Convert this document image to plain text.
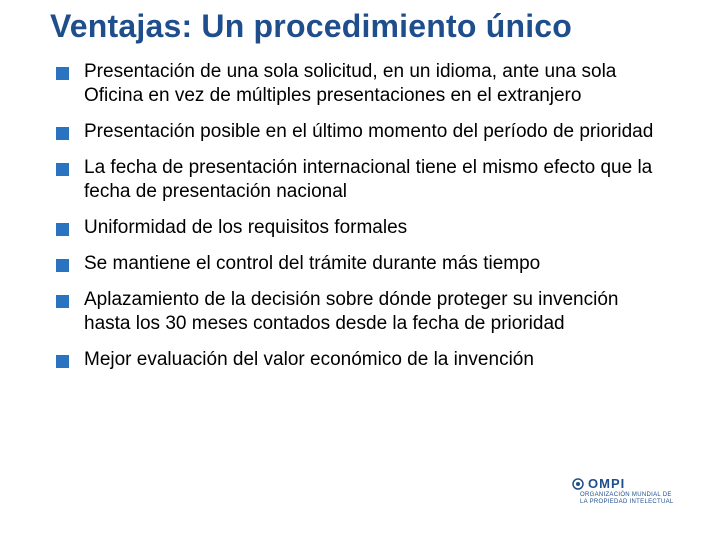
Ventajas: Un procedimiento único
Presentación de una sola solicitud, en un idioma, ante una sola Oficina en vez de múltiples presentaciones en el extranjero
Presentación posible en el último momento del período de prioridad
La fecha de presentación internacional tiene el mismo efecto que la fecha de presentación nacional
Uniformidad de los requisitos formales
Se mantiene el control del trámite durante más tiempo
Aplazamiento de la decisión sobre dónde proteger su invención hasta los 30 meses contados desde la fecha de prioridad
Mejor evaluación del valor económico de la invención
OMPI
ORGANIZACIÓN MUNDIAL DE LA PROPIEDAD INTELECTUAL
